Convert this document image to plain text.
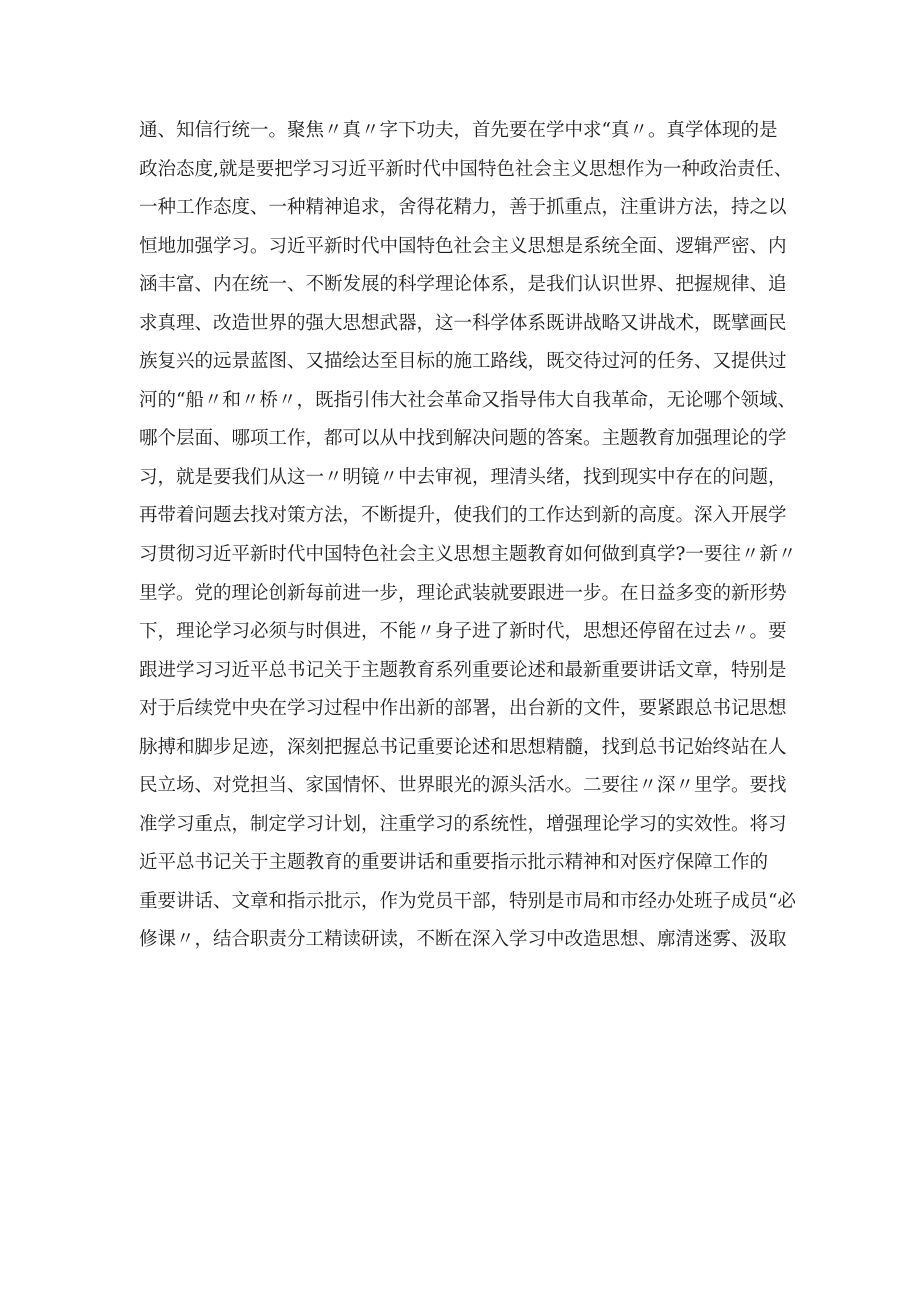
通、知信行统一。聚焦〃真〃字下功夫，首先要在学中求“真〃。真学体现的是
政治态度,就是要把学习习近平新时代中国特色社会主义思想作为一种政治责任、
一种工作态度、一种精神追求，舍得花精力，善于抓重点，注重讲方法，持之以
恒地加强学习。习近平新时代中国特色社会主义思想是系统全面、逻辑严密、内
涵丰富、内在统一、不断发展的科学理论体系，是我们认识世界、把握规律、追
求真理、改造世界的强大思想武器，这一科学体系既讲战略又讲战术，既擘画民
族复兴的远景蓝图、又描绘达至目标的施工路线，既交待过河的任务、又提供过
河的“船〃和〃桥〃，既指引伟大社会革命又指导伟大自我革命，无论哪个领域、
哪个层面、哪项工作，都可以从中找到解决问题的答案。主题教育加强理论的学
习，就是要我们从这一〃明镜〃中去审视，理清头绪，找到现实中存在的问题，
再带着问题去找对策方法，不断提升，使我们的工作达到新的高度。深入开展学
习贯彻习近平新时代中国特色社会主义思想主题教育如何做到真学?一要往〃新〃
里学。党的理论创新每前进一步，理论武装就要跟进一步。在日益多变的新形势
下，理论学习必须与时俱进，不能〃身子进了新时代，思想还停留在过去〃。要
跟进学习习近平总书记关于主题教育系列重要论述和最新重要讲话文章，特别是
对于后续党中央在学习过程中作出新的部署，出台新的文件，要紧跟总书记思想
脉搏和脚步足迹，深刻把握总书记重要论述和思想精髓，找到总书记始终站在人
民立场、对党担当、家国情怀、世界眼光的源头活水。二要往〃深〃里学。要找
准学习重点，制定学习计划，注重学习的系统性，增强理论学习的实效性。将习
近平总书记关于主题教育的重要讲话和重要指示批示精神和对医疗保障工作的
重要讲话、文章和指示批示，作为党员干部，特别是市局和市经办处班子成员“必
修课〃，结合职责分工精读研读，不断在深入学习中改造思想、廓清迷雾、汲取
